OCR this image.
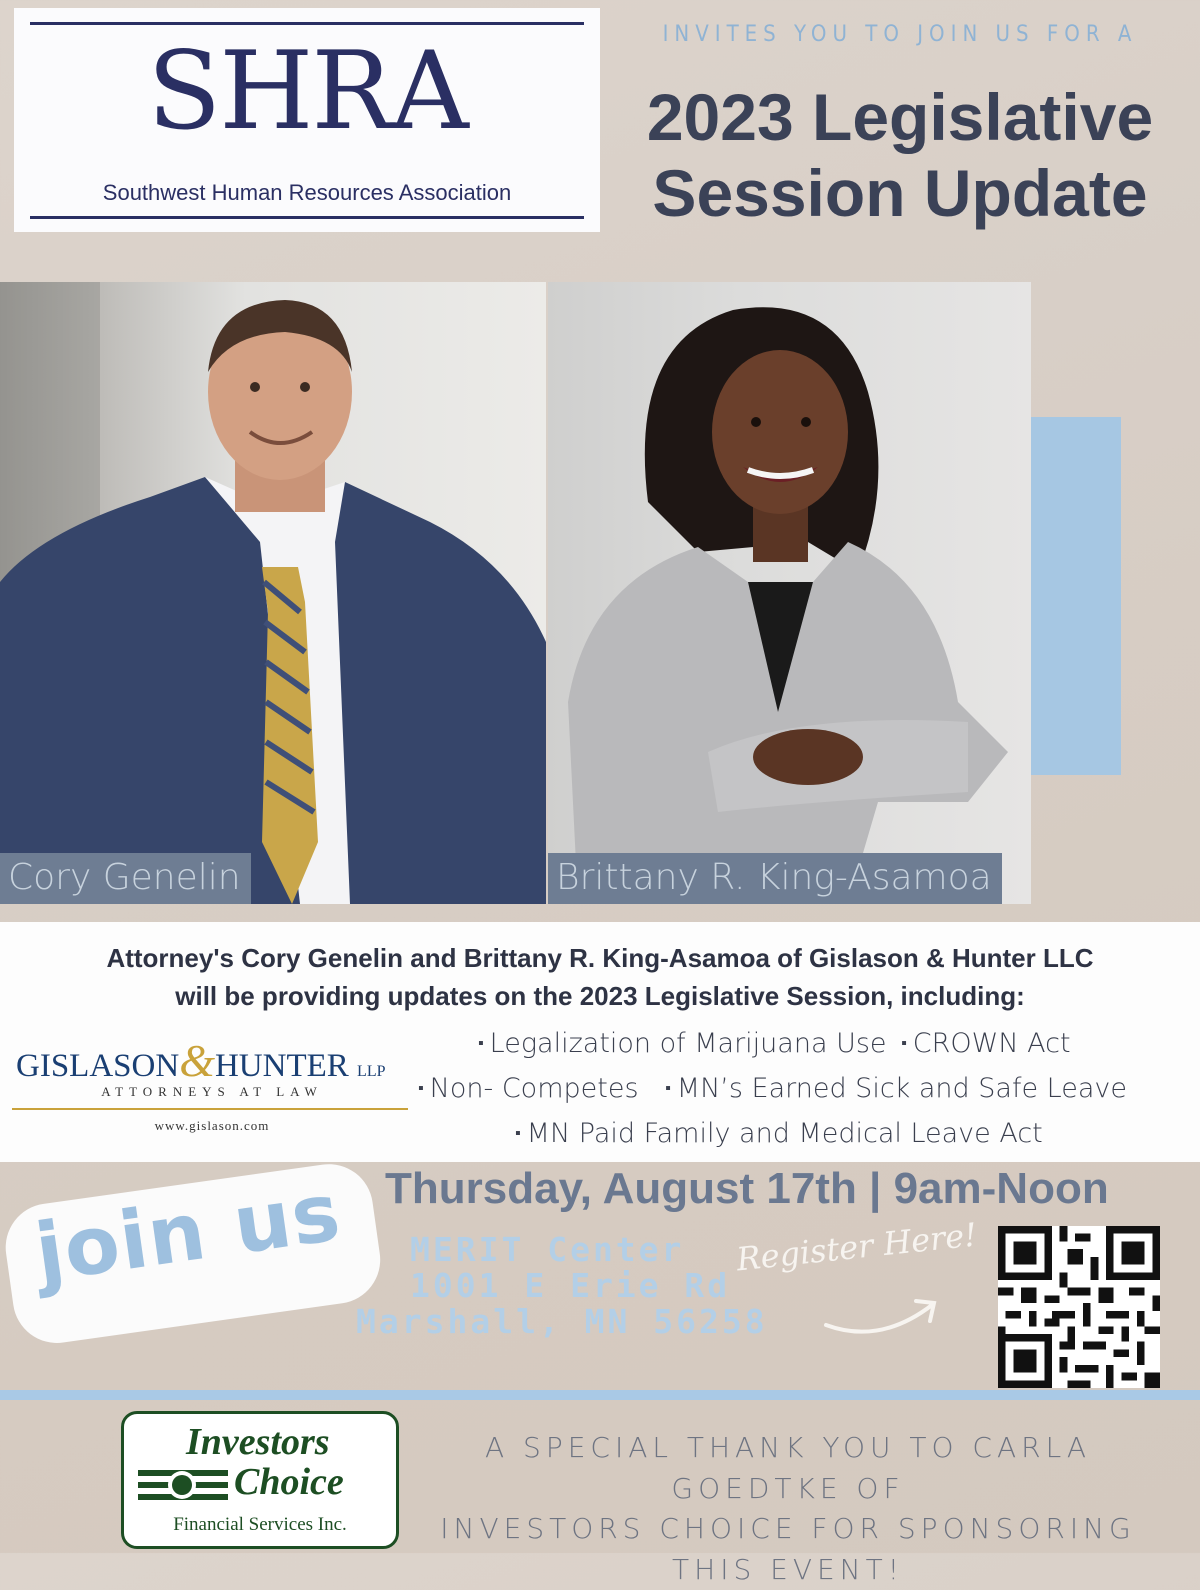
SHRA
Southwest Human Resources Association
INVITES YOU TO JOIN US FOR A
2023 Legislative
Session Update
Cory Genelin	Brittany R. King-Asamoa
Attorney's Cory Genelin and Brittany R. King-Asamoa of Gislason & Hunter LLC
will be providing updates on the 2023 Legislative Session, including:
GISLASON&HUNTER LLP
ATTORNEYS AT LAW
www.gislason.com
▪ Legalization of Marijuana Use ▪ CROWN Act
▪ Non- Competes ▪ MN’s Earned Sick and Safe Leave
▪ MN Paid Family and Medical Leave Act
join us Thursday, August 17th | 9am-Noon
MERIT Center
1001 E Erie Rd
Marshall, MN 56258
Register Here!
Investors
Choice
Financial Services Inc.
A SPECIAL THANK YOU TO CARLA GOEDTKE OF
INVESTORS CHOICE FOR SPONSORING THIS EVENT!
